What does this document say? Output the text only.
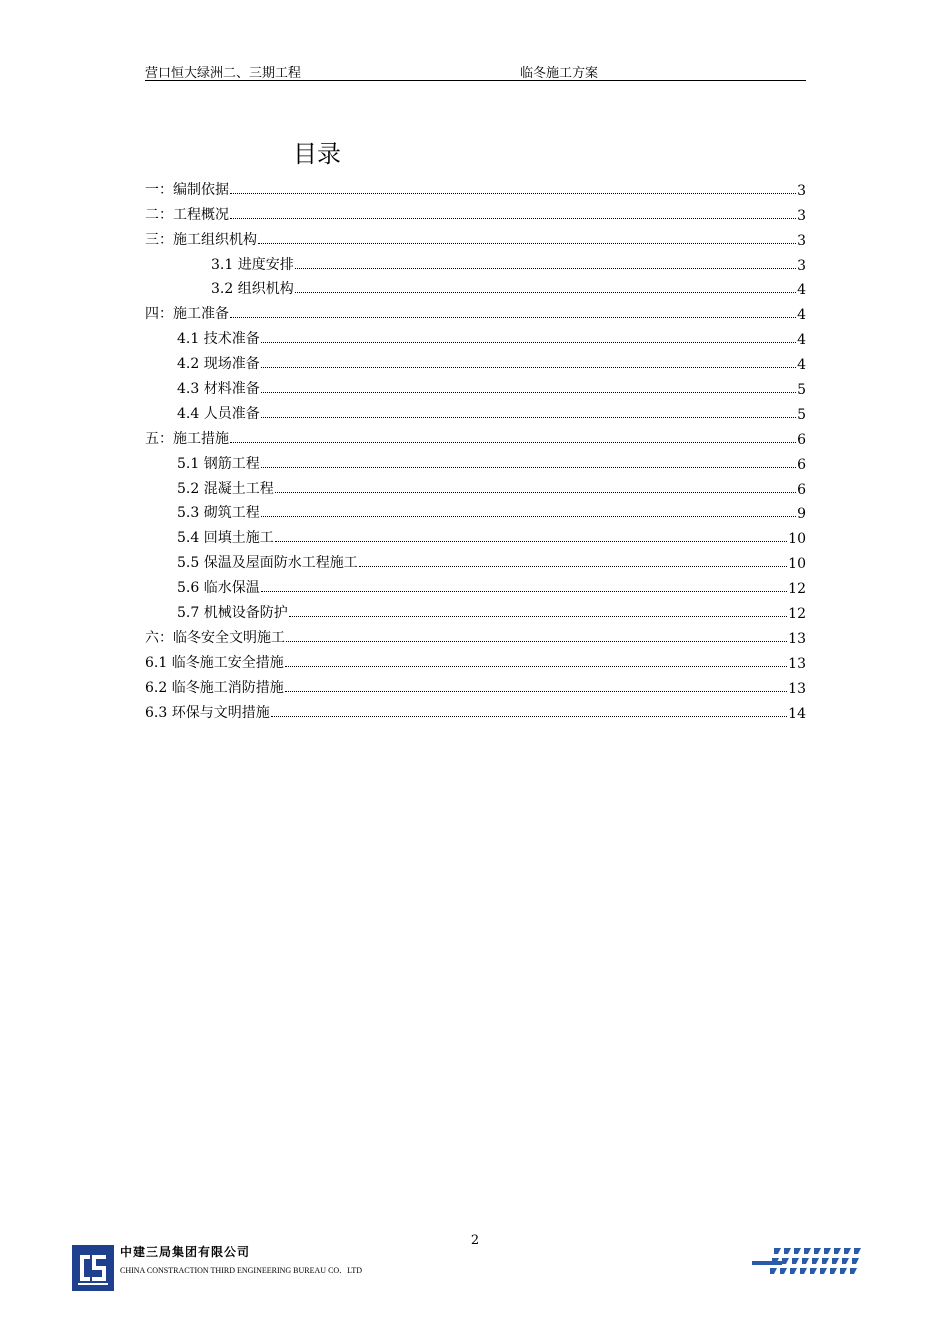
营口恒大绿洲二、三期工程	临冬施工方案
目录
一：编制依据	3
二：工程概况	3
三：施工组织机构	3
3.1 进度安排	3
3.2 组织机构	4
四：施工准备	4
4.1 技术准备	4
4.2 现场准备	4
4.3 材料准备	5
4.4 人员准备	5
五：施工措施	6
5.1 钢筋工程	6
5.2 混凝土工程	6
5.3 砌筑工程	9
5.4 回填土施工	10
5.5 保温及屋面防水工程施工	10
5.6 临水保温	12
5.7 机械设备防护	12
六：临冬安全文明施工	13
6.1 临冬施工安全措施	13
6.2 临冬施工消防措施	13
6.3 环保与文明措施	14
2
中建三局集团有限公司
CHINA CONSTRACTION THIRD ENGINEERING BUREAU CO．LTD
